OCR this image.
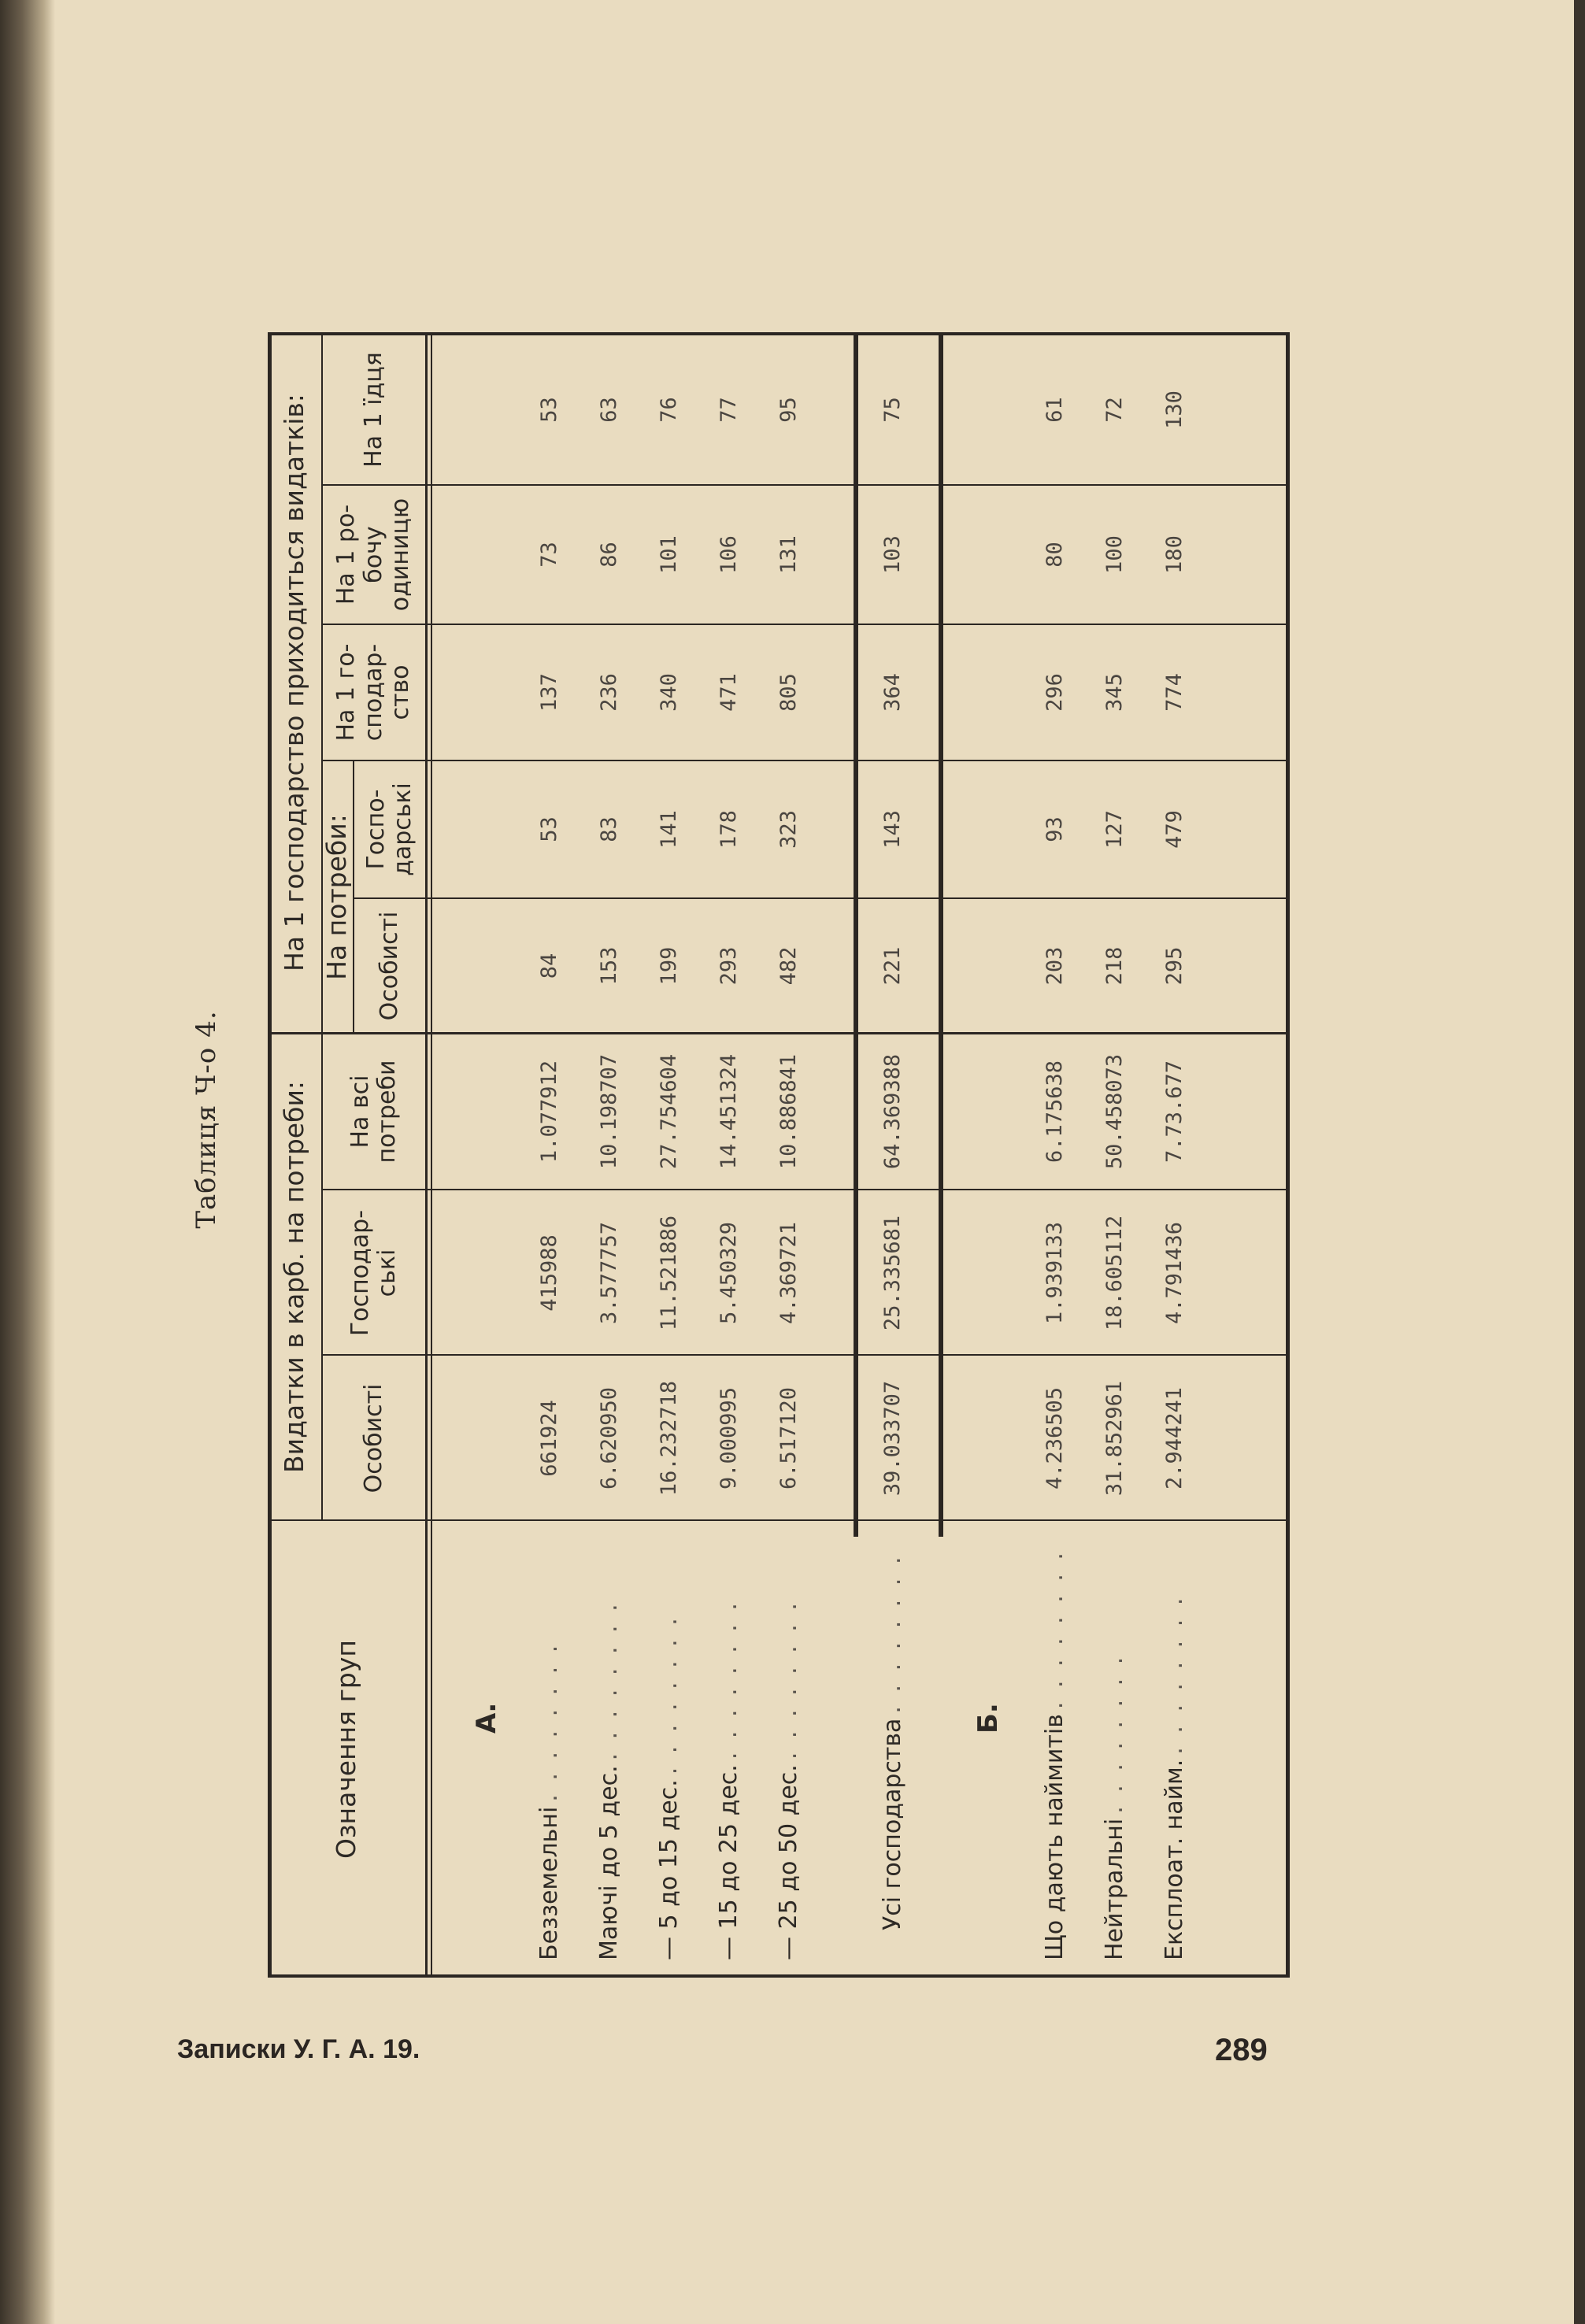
Таблиця Ч-о 4.
Означення груп
Видатки в карб. на потреби:
На 1 господарство приходиться видатків: На потреби:
Особисті
Господар-
ські
На всі
потреби
Особисті
Госпо-
дарські
На 1 го-
сподар-
ство
На 1 ро-
бочу
одиницю
На 1 їдця
А.	Б.
Безземельні
. . . . . . . .
661924
415988
1.077912
84
53
137
73
53
Маючі до 5 дес.
. . . . . . . .
6.620950
3.577757
10.198707
153
83
236
86
63
— 5 до 15 дес.
. . . . . . . .
16.232718
11.521886
27.754604
199
141
340
101
76
— 15 до 25 дес.
. . . . . . . .
9.000995
5.450329
14.451324
293
178
471
106
77
— 25 до 50 дес.
. . . . . . . .
6.517120
4.369721
10.886841
482
323
805
131
95
Усі господарства
. . . . . . . .
39.033707
25.335681
64.369388
221
143
364
103
75
Що дають наймитів
. . . . . . . .
4.236505
1.939133
6.175638
203
93
296
80
61
Нейтральні
. . . . . . . .
31.852961
18.605112
50.458073
218
127
345
100
72
Експлоат. найм.
. . . . . . . .
2.944241
4.791436
7.73.677
295
479
774
180
130
Записки У. Г. А. 19.	289
